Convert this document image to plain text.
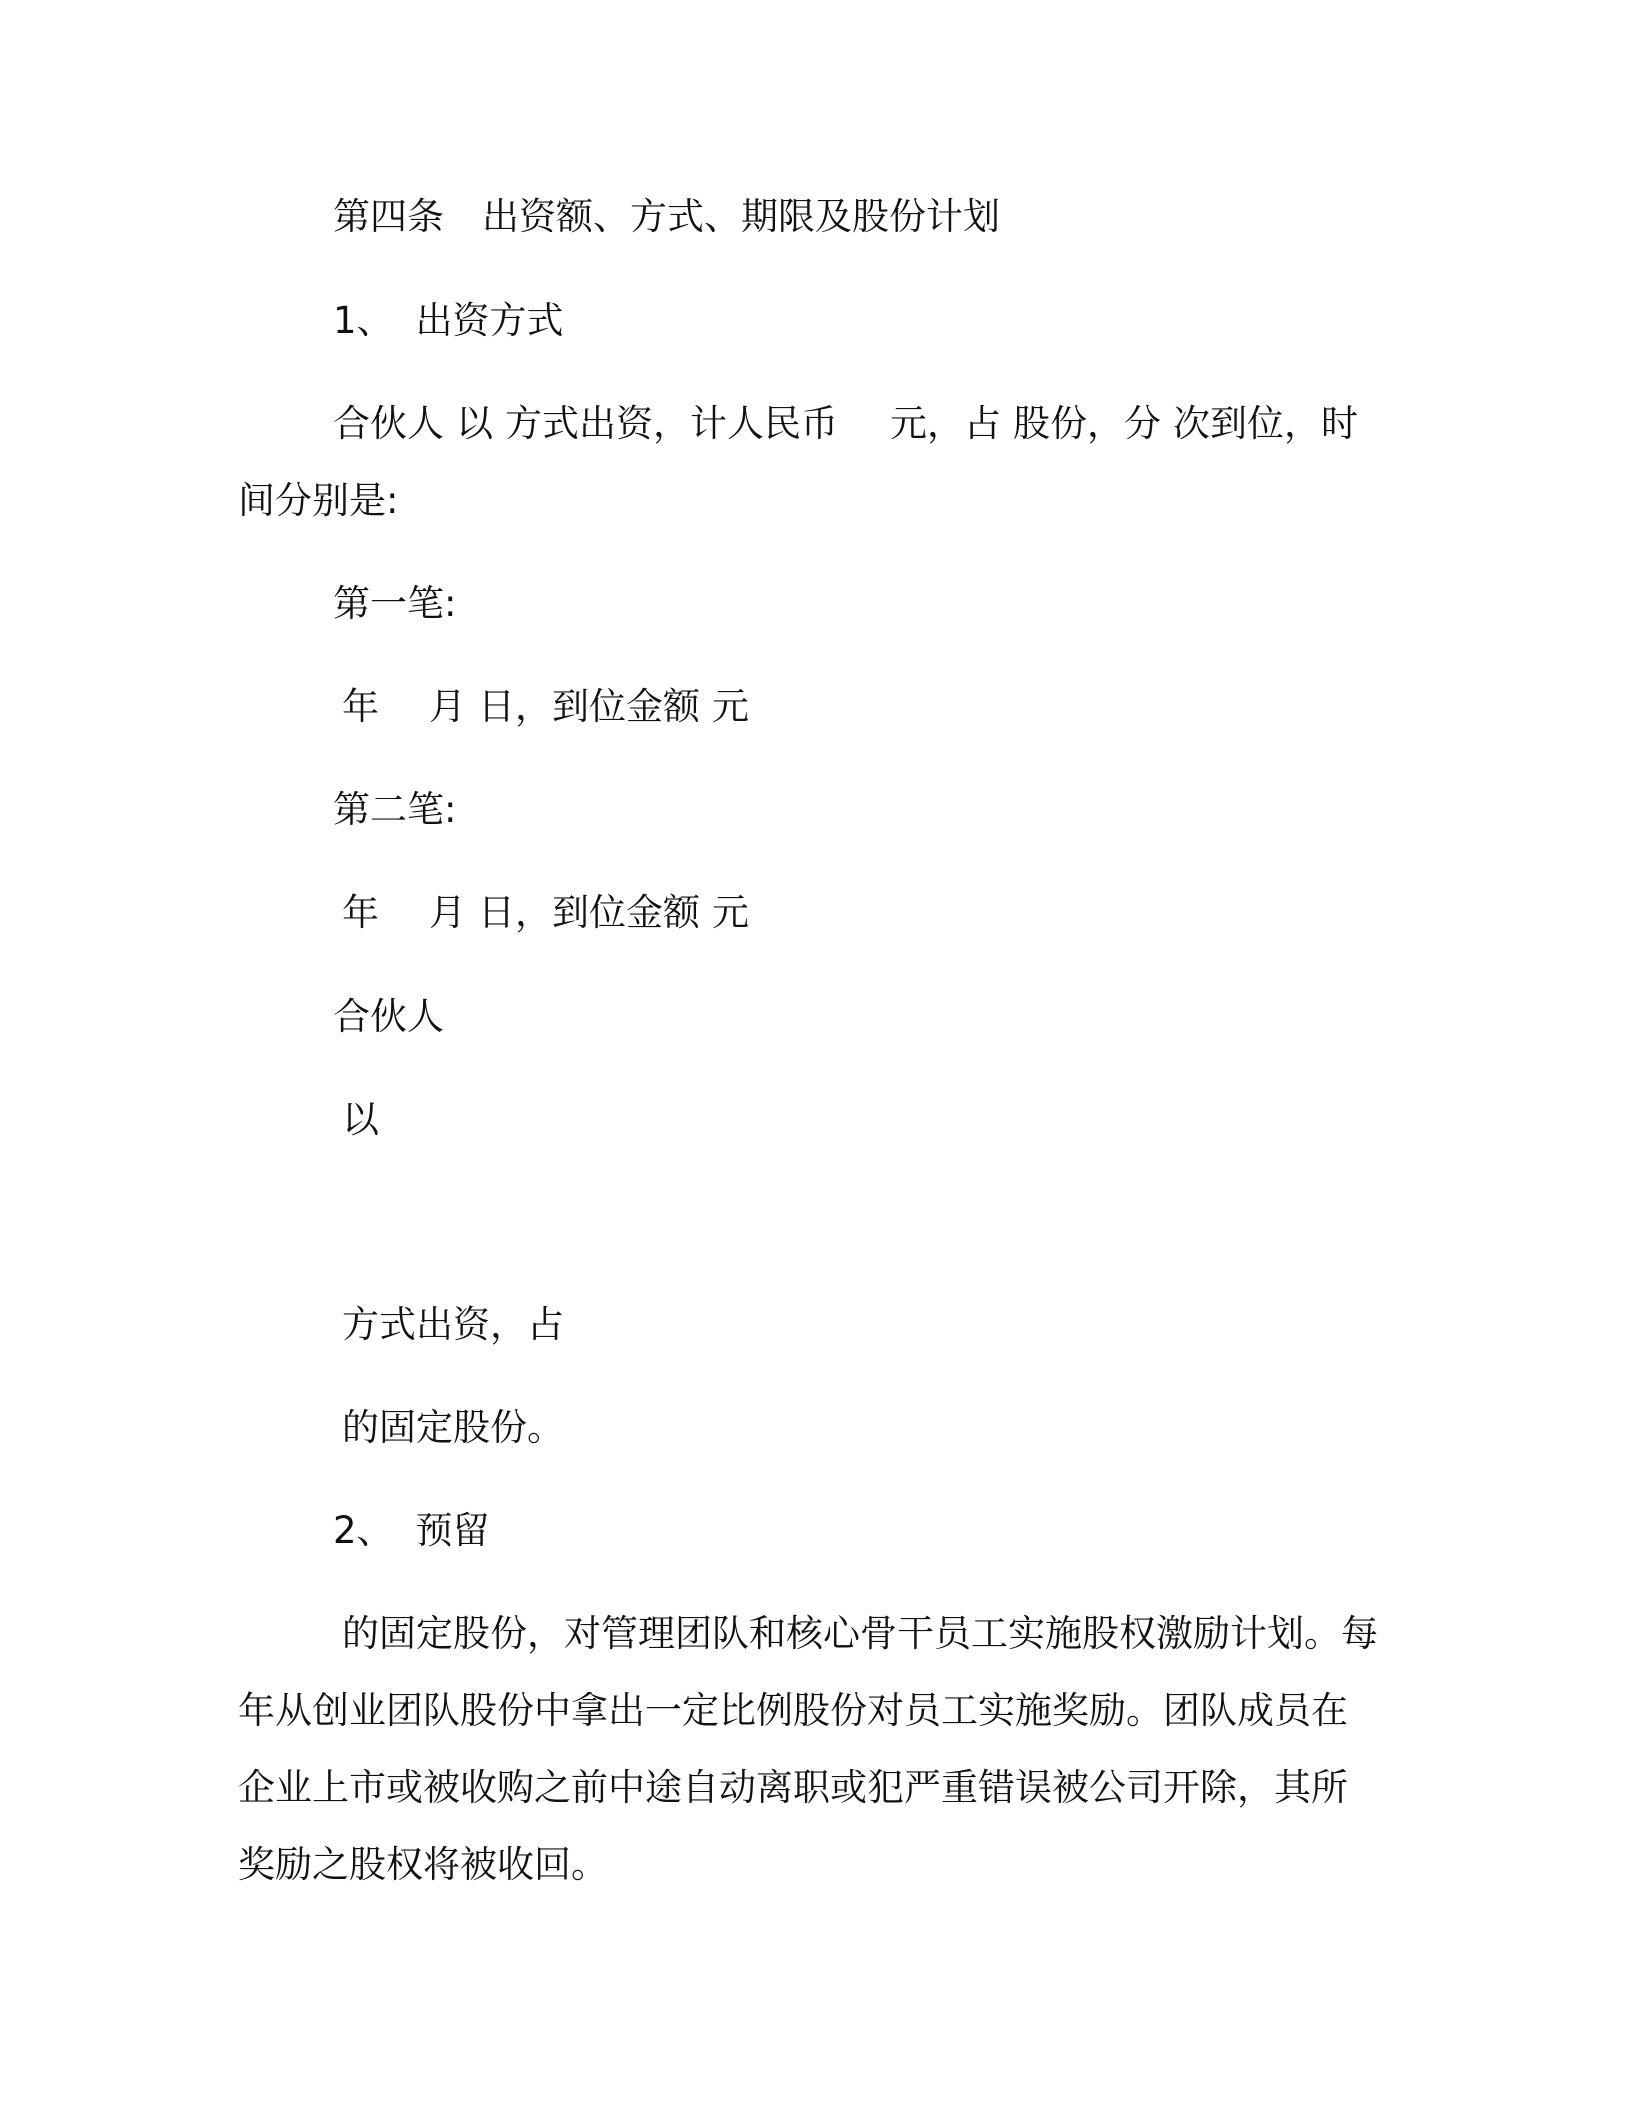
第四条 出资额、方式、期限及股份计划
1、 出资方式
合伙人 以 方式出资，计人民币 元，占 股份，分 次到位，时
间分别是:
第一笔:
年 月 日，到位金额 元
第二笔:
年 月 日，到位金额 元
合伙人
以
方式出资，占
的固定股份。
2、 预留
的固定股份，对管理团队和核心骨干员工实施股权激励计划。每
年从创业团队股份中拿出一定比例股份对员工实施奖励。团队成员在
企业上市或被收购之前中途自动离职或犯严重错误被公司开除，其所
奖励之股权将被收回。
